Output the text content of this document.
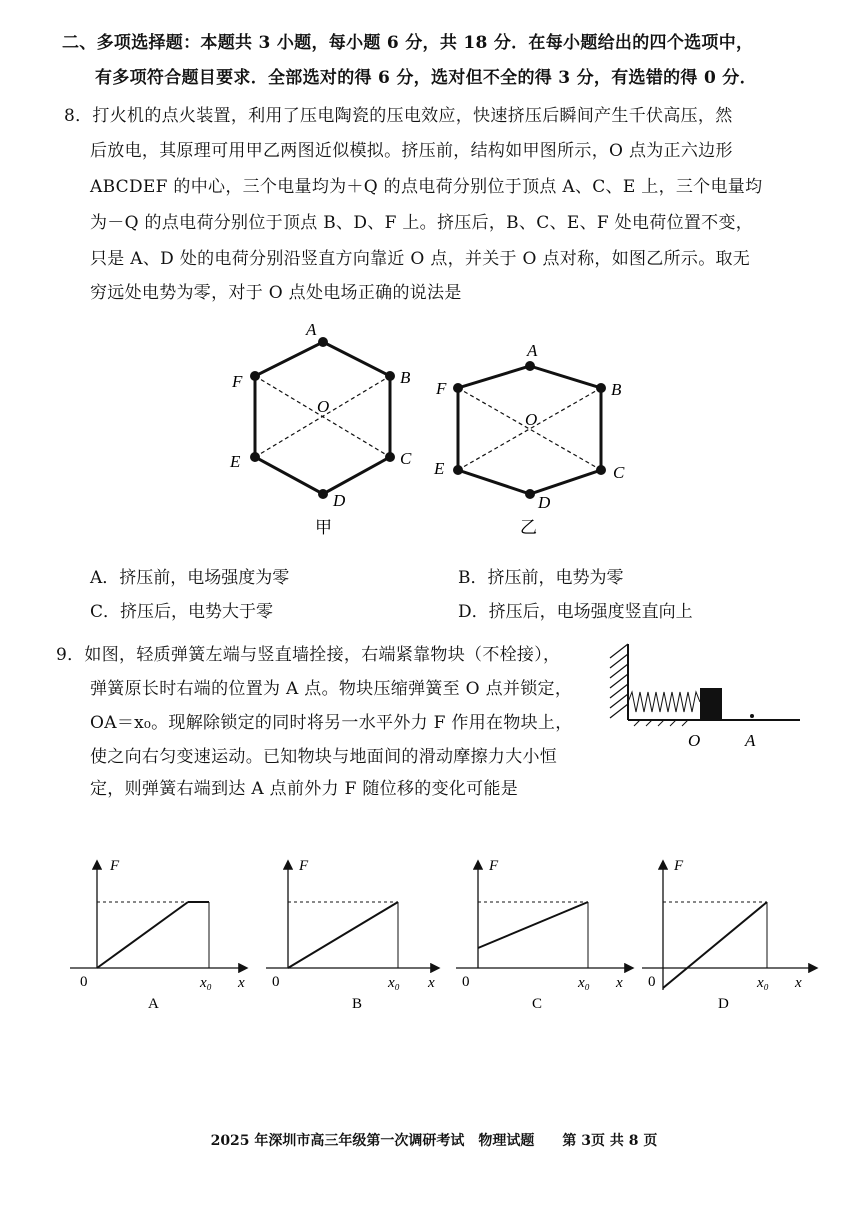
二、多项选择题：本题共 3 小题，每小题 6 分，共 18 分．在每小题给出的四个选项中，
有多项符合题目要求．全部选对的得 6 分，选对但不全的得 3 分，有选错的得 0 分．
8．打火机的点火装置，利用了压电陶瓷的压电效应，快速挤压后瞬间产生千伏高压，然
后放电，其原理可用甲乙两图近似模拟。挤压前，结构如甲图所示，O 点为正六边形
ABCDEF 的中心，三个电量均为＋Q 的点电荷分别位于顶点 A、C、E 上，三个电量均
为－Q 的点电荷分别位于顶点 B、D、F 上。挤压后，B、C、E、F 处电荷位置不变，
只是 A、D 处的电荷分别沿竖直方向靠近 O 点，并关于 O 点对称，如图乙所示。取无
穷远处电势为零，对于 O 点处电场正确的说法是
A
B
C
D
E
F
O
甲
A
B
C
D
E
F
O
乙
A．挤压前，电场强度为零	B．挤压前，电势为零
C．挤压后，电势大于零	D．挤压后，电场强度竖直向上
9．如图，轻质弹簧左端与竖直墙拴接，右端紧靠物块（不栓接），
弹簧原长时右端的位置为 A 点。物块压缩弹簧至 O 点并锁定，
OA＝x₀。现解除锁定的同时将另一水平外力 F 作用在物块上，
使之向右匀变速运动。已知物块与地面间的滑动摩擦力大小恒
定，则弹簧右端到达 A 点前外力 F 随位移的变化可能是
O	A
F
0	x₀ x
A
F
0	x₀ x
B
F
0	x₀ x
C
F
0	x₀ x
D
2025 年深圳市高三年级第一次调研考试　物理试题　　第 3页 共 8 页
